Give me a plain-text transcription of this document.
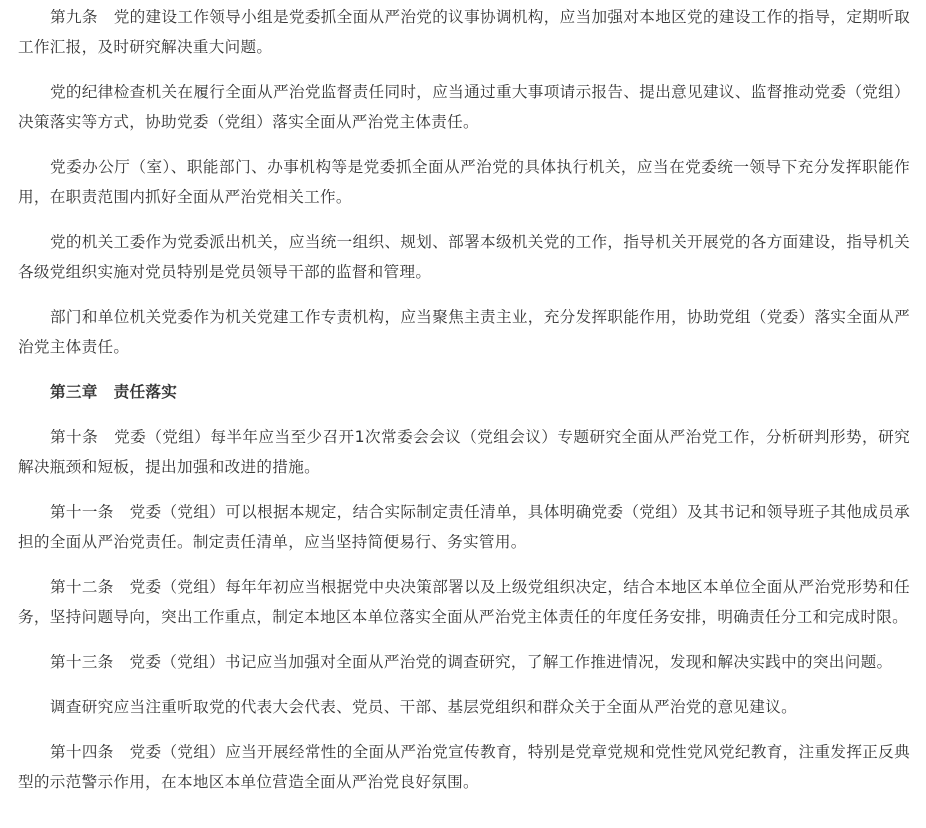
第九条　党的建设工作领导小组是党委抓全面从严治党的议事协调机构，应当加强对本地区党的建设工作的指导，定期听取工作汇报，及时研究解决重大问题。

党的纪律检查机关在履行全面从严治党监督责任同时，应当通过重大事项请示报告、提出意见建议、监督推动党委（党组）决策落实等方式，协助党委（党组）落实全面从严治党主体责任。

党委办公厅（室）、职能部门、办事机构等是党委抓全面从严治党的具体执行机关，应当在党委统一领导下充分发挥职能作用，在职责范围内抓好全面从严治党相关工作。

党的机关工委作为党委派出机关，应当统一组织、规划、部署本级机关党的工作，指导机关开展党的各方面建设，指导机关各级党组织实施对党员特别是党员领导干部的监督和管理。

部门和单位机关党委作为机关党建工作专责机构，应当聚焦主责主业，充分发挥职能作用，协助党组（党委）落实全面从严治党主体责任。

第三章　责任落实

第十条　党委（党组）每半年应当至少召开1次常委会会议（党组会议）专题研究全面从严治党工作，分析研判形势，研究解决瓶颈和短板，提出加强和改进的措施。

第十一条　党委（党组）可以根据本规定，结合实际制定责任清单，具体明确党委（党组）及其书记和领导班子其他成员承担的全面从严治党责任。制定责任清单，应当坚持简便易行、务实管用。

第十二条　党委（党组）每年年初应当根据党中央决策部署以及上级党组织决定，结合本地区本单位全面从严治党形势和任务，坚持问题导向，突出工作重点，制定本地区本单位落实全面从严治党主体责任的年度任务安排，明确责任分工和完成时限。

第十三条　党委（党组）书记应当加强对全面从严治党的调查研究，了解工作推进情况，发现和解决实践中的突出问题。

调查研究应当注重听取党的代表大会代表、党员、干部、基层党组织和群众关于全面从严治党的意见建议。

第十四条　党委（党组）应当开展经常性的全面从严治党宣传教育，特别是党章党规和党性党风党纪教育，注重发挥正反典型的示范警示作用，在本地区本单位营造全面从严治党良好氛围。
